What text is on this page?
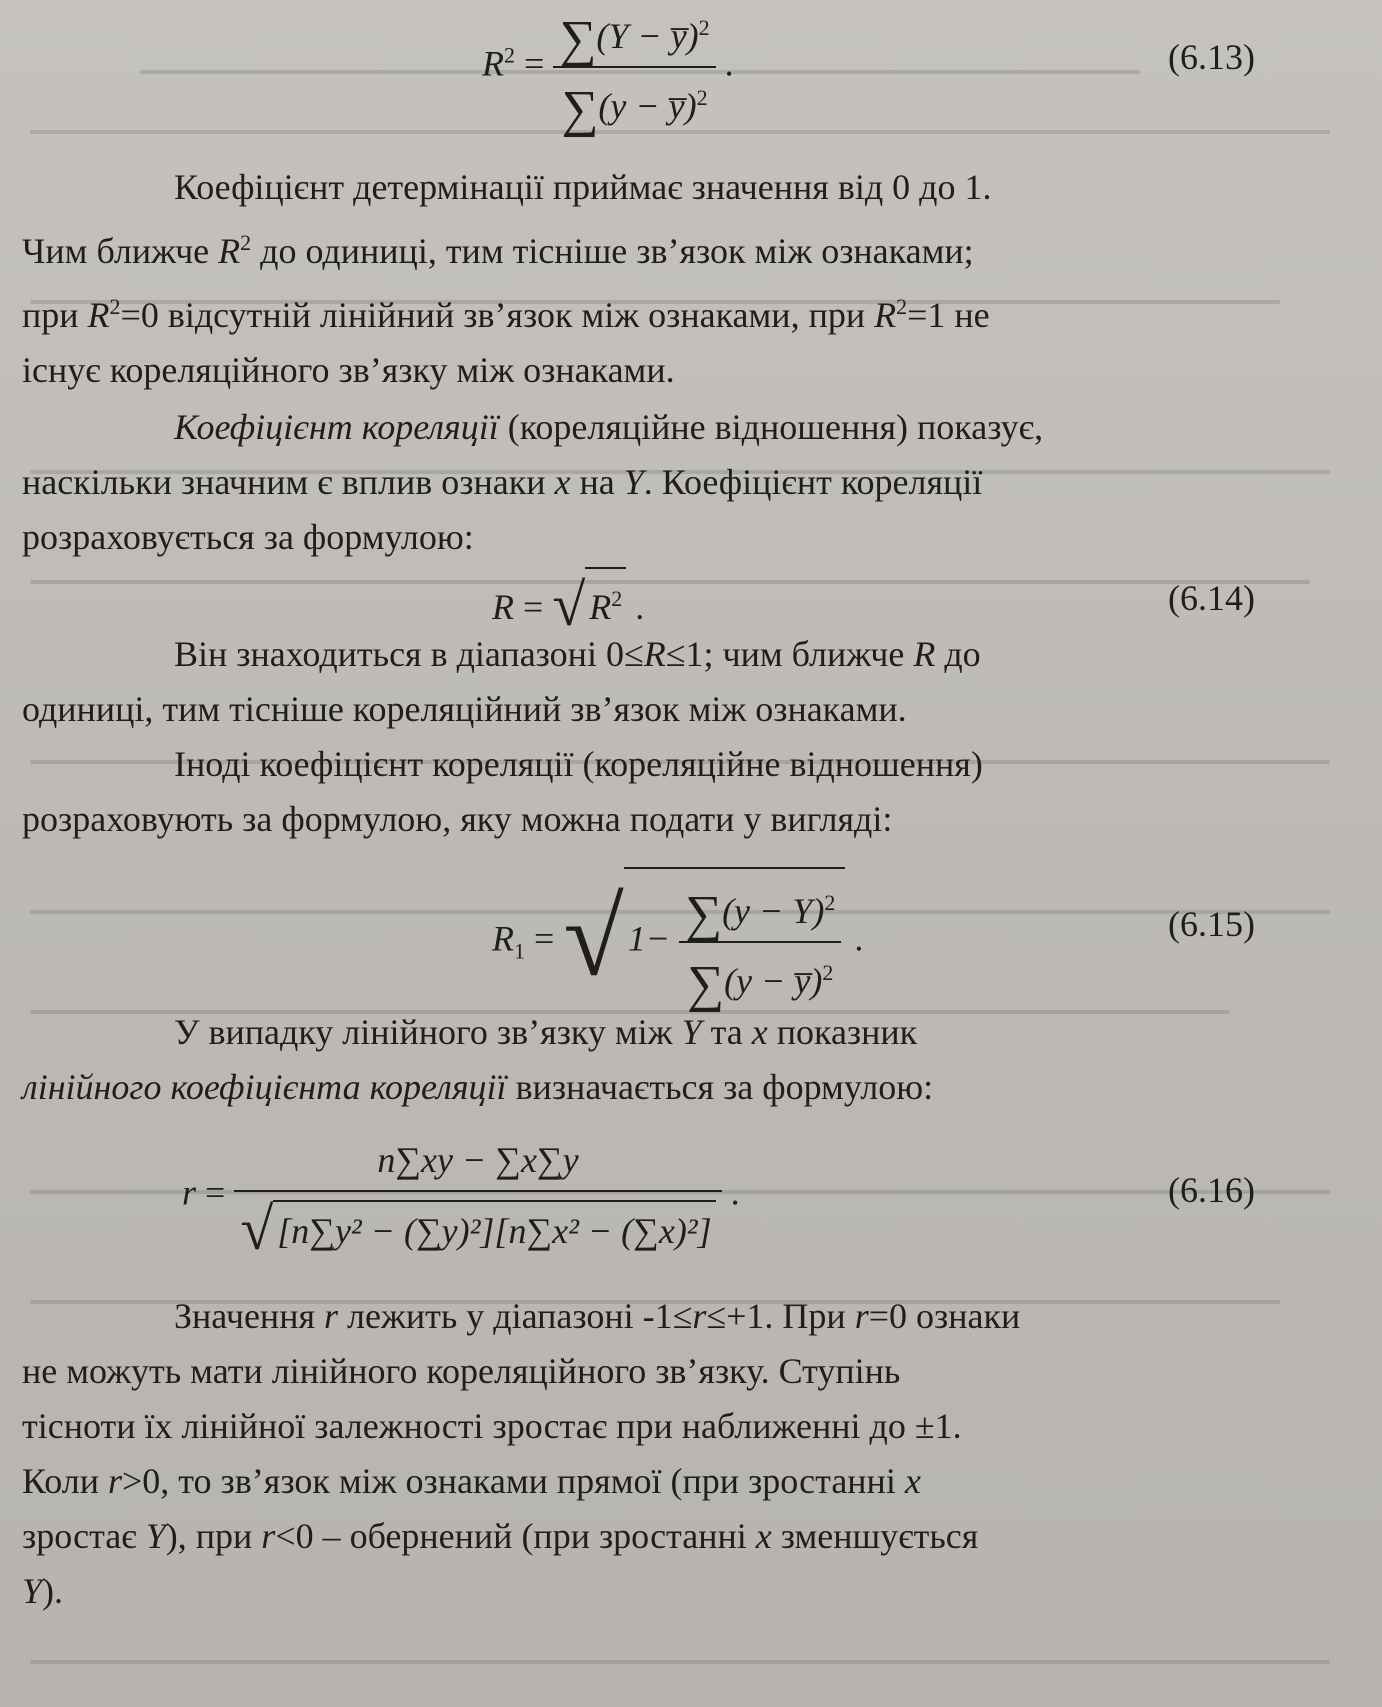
$R^2 = \frac{\sum(Y - y̅)^2}{\sum(y - y̅)^2}$ .	(6.13)

Коефіцієнт детермінації приймає значення від 0 до 1.

Чим ближче $R^2$ до одиниці, тим тісніше зв’язок між ознаками;

при $R^2=0$ відсутній лінійний зв’язок між ознаками, при $R^2=1$ не

існує кореляційного зв’язку між ознаками.

Коефіцієнт кореляції (кореляційне відношення) показує,

наскільки значним є вплив ознаки x на Y. Коефіцієнт кореляції

розраховується за формулою:

R = √ $R^2$ .	(6.14)

Він знаходиться в діапазоні 0≤R≤1; чим ближче R до

одиниці, тим тісніше кореляційний зв’язок між ознаками.

Іноді коефіцієнт кореляції (кореляційне відношення)

розраховують за формулою, яку можна подати у вигляді:

$R_1$ = √ $1- \frac{\sum(y - Y)^2}{\sum(y - y̅)^2}$ .	(6.15)

У випадку лінійного зв’язку між Y та x показник

лінійного коефіцієнта кореляції визначається за формулою:

$r = \frac{n\sum xy - \sum x\sum y}{\text{√ [n∑y² − (∑y)²][n∑x² − (∑x)²]}}$ .	(6.16)

Значення r лежить у діапазоні -1≤r≤+1. При r=0 ознаки

не можуть мати лінійного кореляційного зв’язку. Ступінь

тісноти їх лінійної залежності зростає при наближенні до ±1.

Коли r>0, то зв’язок між ознаками прямої (при зростанні x

зростає Y), при r<0 – обернений (при зростанні x зменшується

Y).
